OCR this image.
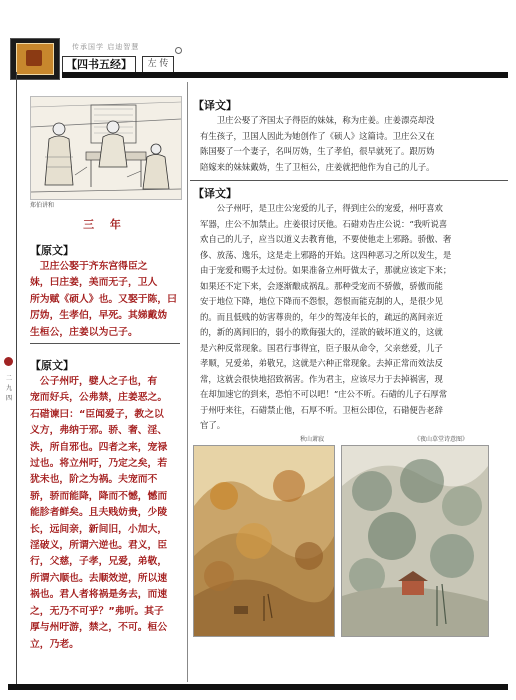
传承国学 启迪智慧
【四书五经】	左 传
二
九
四
郑伯讲和
三 年
【原文】
　卫庄公娶于齐东宫得臣之
妹，曰庄姜，美而无子，卫人
所为赋《硕人》也。又娶于陈，曰
厉妫，生孝伯，早死。其娣戴妫
生桓公，庄姜以为己子。
【原文】
　公子州吁，嬖人之子也，有
宠而好兵，公弗禁，庄姜恶之。
石碏谏曰：“臣闻爱子，教之以
义方，弗纳于邪。骄、奢、淫、
泆，所自邪也。四者之来，宠禄
过也。将立州吁，乃定之矣，若
犹未也，阶之为祸。夫宠而不
骄，骄而能降，降而不憾，憾而
能胗者鲜矣。且夫贱妨贵，少陵
长，远间亲，新间旧，小加大，
淫破义，所谓六逆也。君义，臣
行，父慈，子孝，兄爱，弟敬，
所谓六顺也。去顺效逆，所以速
祸也。君人者将祸是务去，而速
之，无乃不可乎？”弗听。其子
厚与州吁游，禁之，不可。桓公
立，乃老。
【译文】
　　卫庄公娶了齐国太子得臣的妹妹，称为庄姜。庄姜漂亮却没
有生孩子，卫国人因此为她创作了《硕人》这篇诗。卫庄公又在
陈国娶了一个妻子，名叫厉妫，生了孝伯，很早就死了。跟厉妫
陪嫁来的妹妹戴妫，生了卫桓公，庄姜就把他作为自己的儿子。
【译文】
　　公子州吁，是卫庄公宠爱的儿子，得到庄公的宠爱，州吁喜欢
军器，庄公不加禁止。庄姜很讨厌他。石碏劝告庄公说：“我听说喜
欢自己的儿子，应当以道义去教育他，不要使他走上邪路。骄傲、奢
侈、放荡、逸乐，这是走上邪路的开始。这四种恶习之所以发生，是
由于宠爱和赐予太过份。如果准备立州吁做太子，那就应该定下来；
如果还不定下来，会逐渐酿成祸乱。那种受宠而不骄傲，骄傲而能
安于地位下降，地位下降而不怨恨，怨恨而能克制的人，是很少见
的。而且低贱的妨害尊贵的，年少的驾凌年长的，疏远的离间亲近
的，新的离间旧的，弱小的欺侮强大的，淫欲的破坏道义的，这就
是六种反常现象。国君行事得宜，臣子服从命令，父亲慈爱，儿子
孝顺，兄爱弟，弟敬兄，这就是六种正常现象。去掉正常而效法反
常，这就会很快地招致祸害。作为君主，应该尽力于去掉祸害，现
在却加速它的到来，恐怕不可以吧！”庄公不听。石碏的儿子石厚常
于州吁来往，石碏禁止他，石厚不听。卫桓公即位，石碏便告老辞
官了。
秋山萧寂	《夜山草堂诗意图》
